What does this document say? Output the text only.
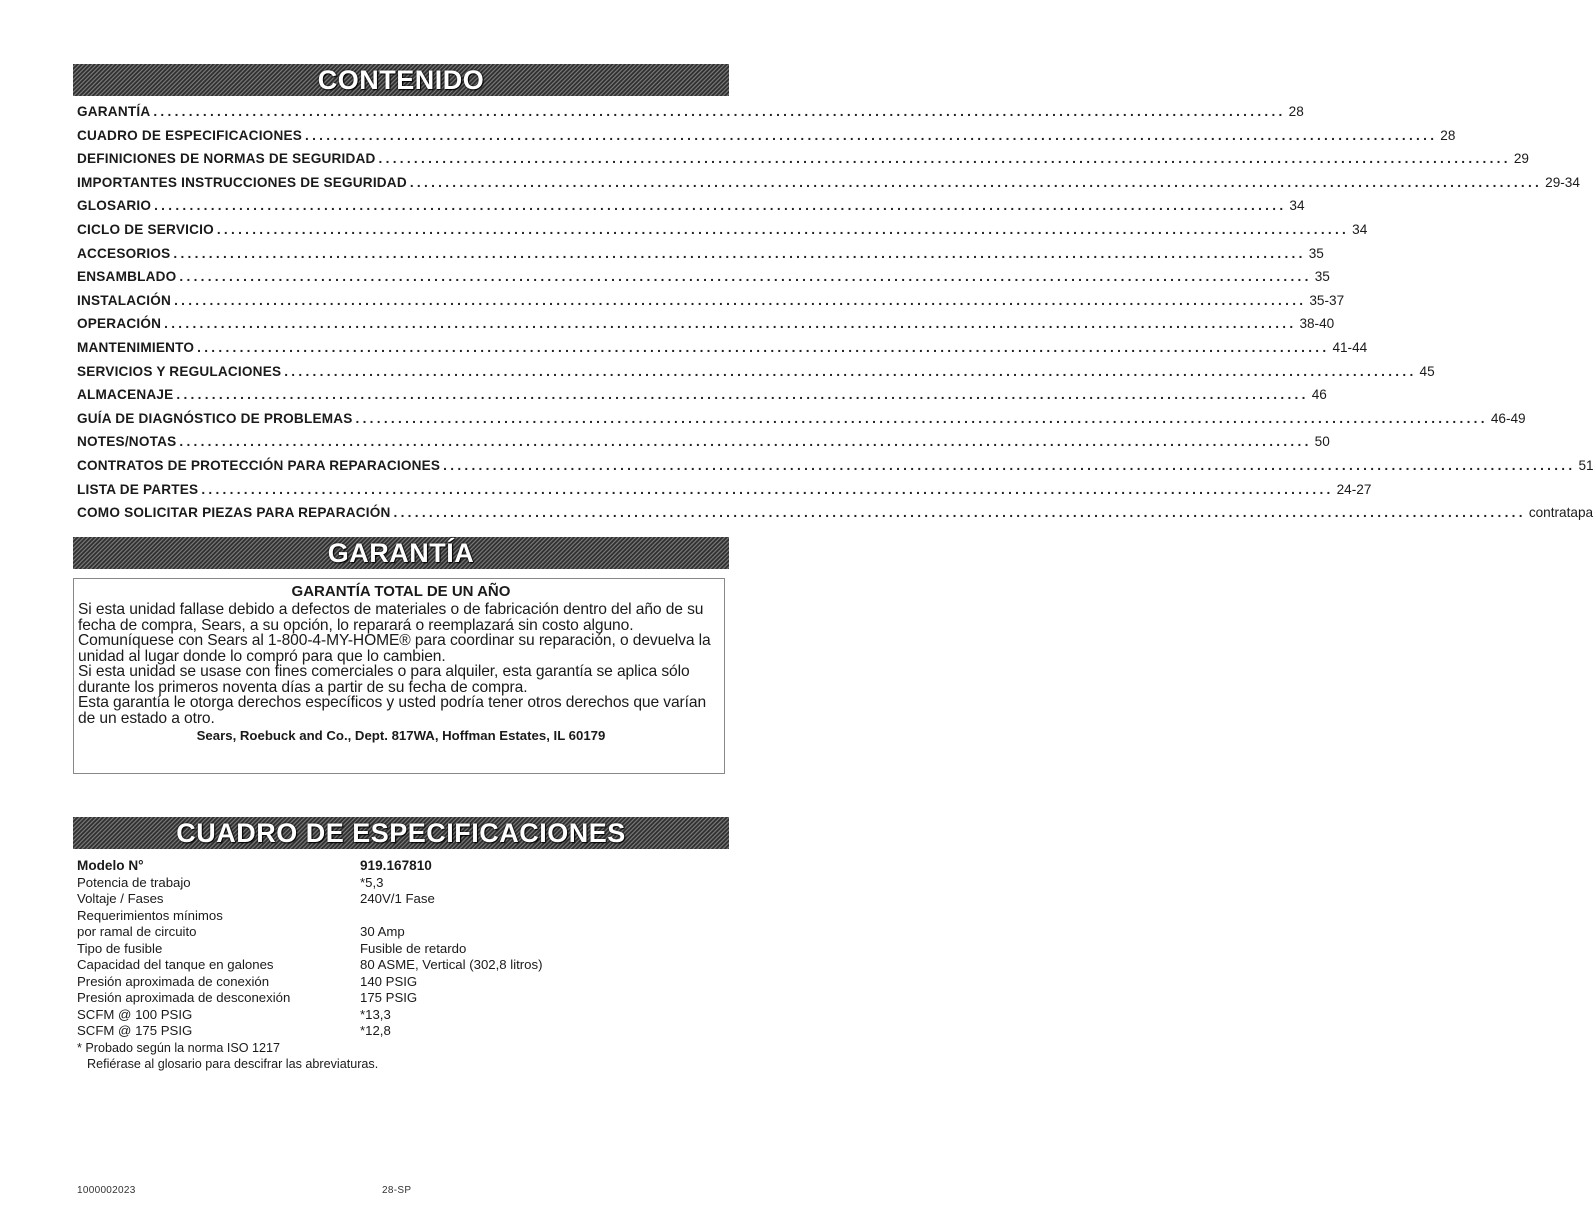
CONTENIDO
GARANTÍA ................................................................................................................................................................ 28
CUADRO DE ESPECIFICACIONES ................................................................................................................................................................ 28
DEFINICIONES DE NORMAS DE SEGURIDAD ................................................................................................................................................................ 29
IMPORTANTES INSTRUCCIONES DE SEGURIDAD ................................................................................................................................................................ 29-34
GLOSARIO ................................................................................................................................................................ 34
CICLO DE SERVICIO ................................................................................................................................................................ 34
ACCESORIOS ................................................................................................................................................................ 35
ENSAMBLADO ................................................................................................................................................................ 35
INSTALACIÓN ................................................................................................................................................................ 35-37
OPERACIÓN ................................................................................................................................................................ 38-40
MANTENIMIENTO ................................................................................................................................................................ 41-44
SERVICIOS Y REGULACIONES ................................................................................................................................................................ 45
ALMACENAJE ................................................................................................................................................................ 46
GUÍA DE DIAGNÓSTICO DE PROBLEMAS ................................................................................................................................................................ 46-49
NOTES/NOTAS ................................................................................................................................................................ 50
CONTRATOS DE PROTECCIÓN PARA REPARACIONES ................................................................................................................................................................ 51
LISTA DE PARTES ................................................................................................................................................................ 24-27
COMO SOLICITAR PIEZAS PARA REPARACIÓN ................................................................................................................................................................ contratapa
GARANTÍA
GARANTÍA TOTAL DE UN AÑO

Si esta unidad fallase debido a defectos de materiales o de fabricación dentro del año de su fecha de compra, Sears, a su opción, lo reparará o reemplazará sin costo alguno. Comuníquese con Sears al 1-800-4-MY-HOME® para coordinar su reparación, o devuelva la unidad al lugar donde lo compró para que lo cambien.

Si esta unidad se usase con fines comerciales o para alquiler, esta garantía se aplica sólo durante los primeros noventa días a partir de su fecha de compra.

Esta garantía le otorga derechos específicos y usted podría tener otros derechos que varían de un estado a otro.

Sears, Roebuck and Co., Dept. 817WA, Hoffman Estates, IL 60179
CUADRO DE ESPECIFICACIONES
Modelo N°	919.167810
Potencia de trabajo	*5,3
Voltaje / Fases	240V/1 Fase
Requerimientos mínimos
por ramal de circuito	30 Amp
Tipo de fusible	Fusible de retardo
Capacidad del tanque en galones	80 ASME, Vertical (302,8 litros)
Presión aproximada de conexión	140 PSIG
Presión aproximada de desconexión	175 PSIG
SCFM @ 100 PSIG	*13,3
SCFM @ 175 PSIG	*12,8
* Probado según la norma ISO 1217
Refiérase al glosario para descifrar las abreviaturas.
1000002023	28-SP
